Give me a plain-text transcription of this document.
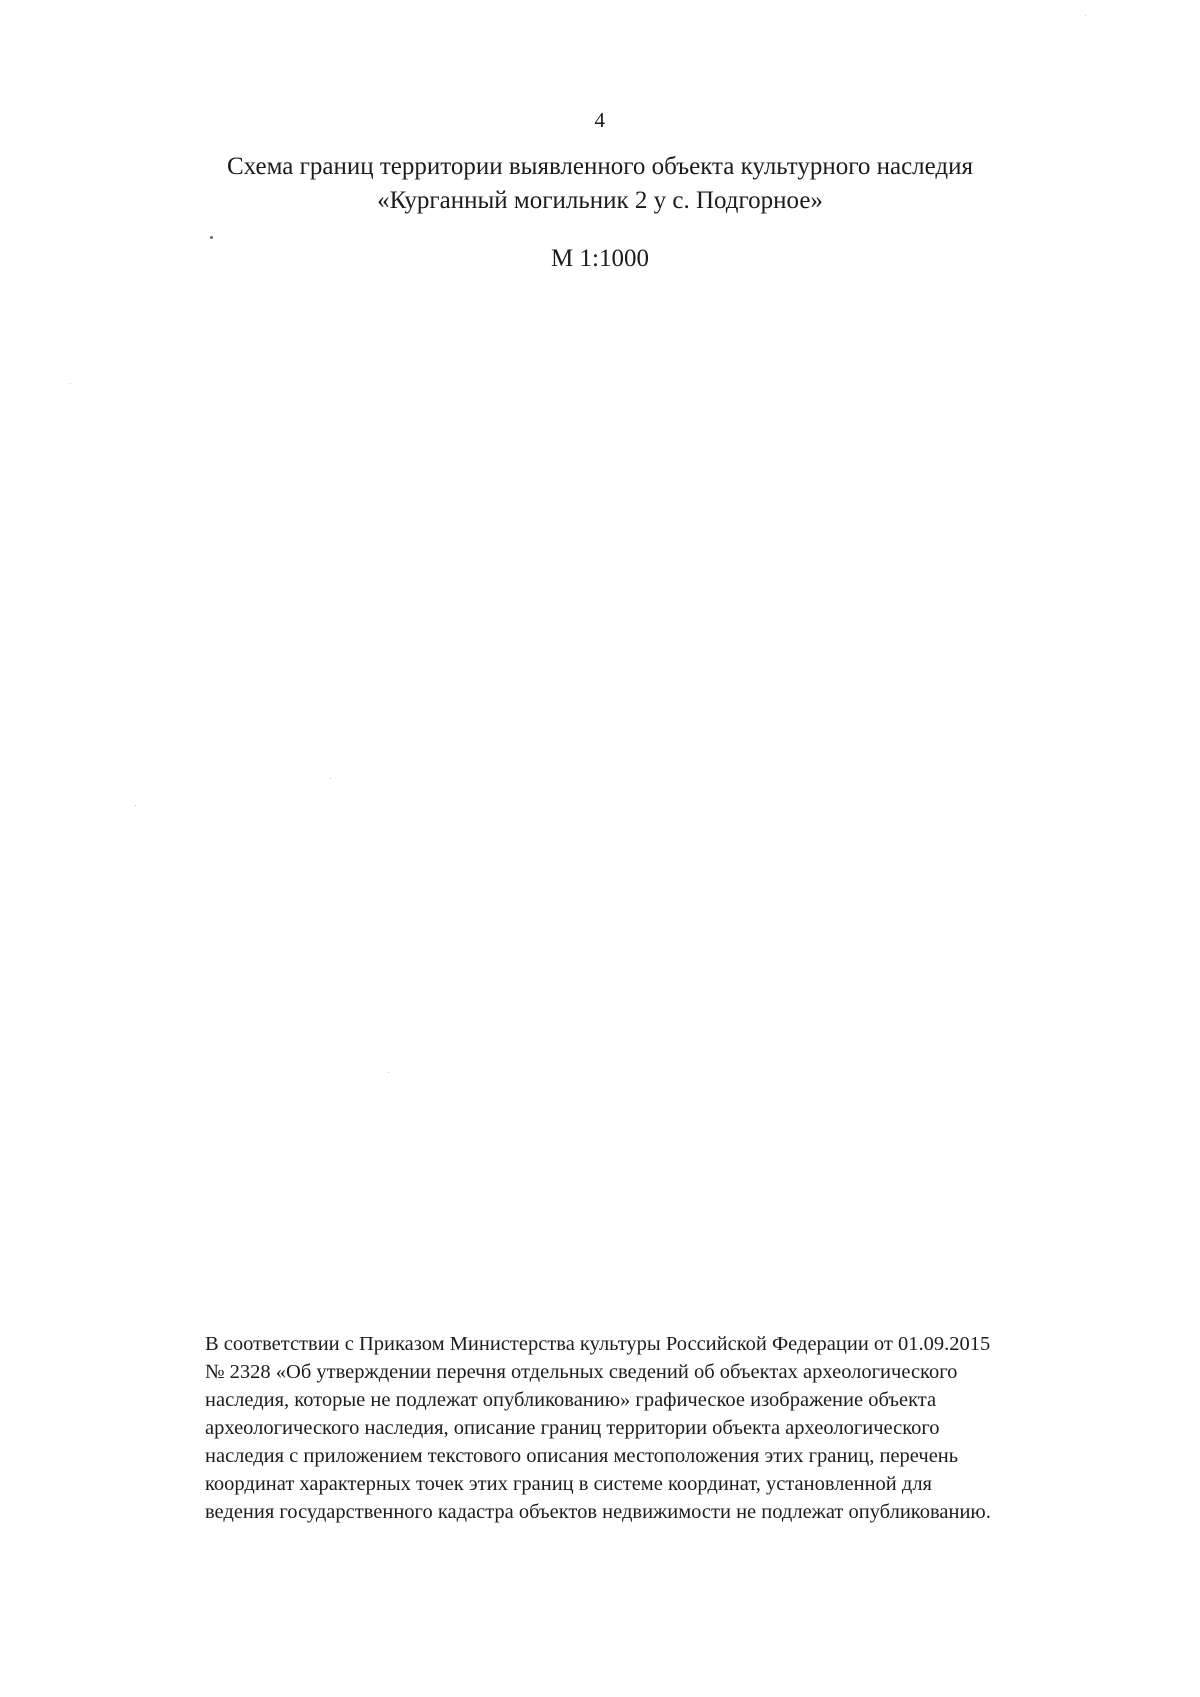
4
Схема границ территории выявленного объекта культурного наследия
«Курганный могильник 2 у с. Подгорное»
М 1:1000
В соответствии с Приказом Министерства культуры Российской Федерации от 01.09.2015
№ 2328 «Об утверждении перечня отдельных сведений об объектах археологического
наследия, которые не подлежат опубликованию» графическое изображение объекта
археологического наследия, описание границ территории объекта археологического
наследия с приложением текстового описания местоположения этих границ, перечень
координат характерных точек этих границ в системе координат, установленной для
ведения государственного кадастра объектов недвижимости не подлежат опубликованию.
